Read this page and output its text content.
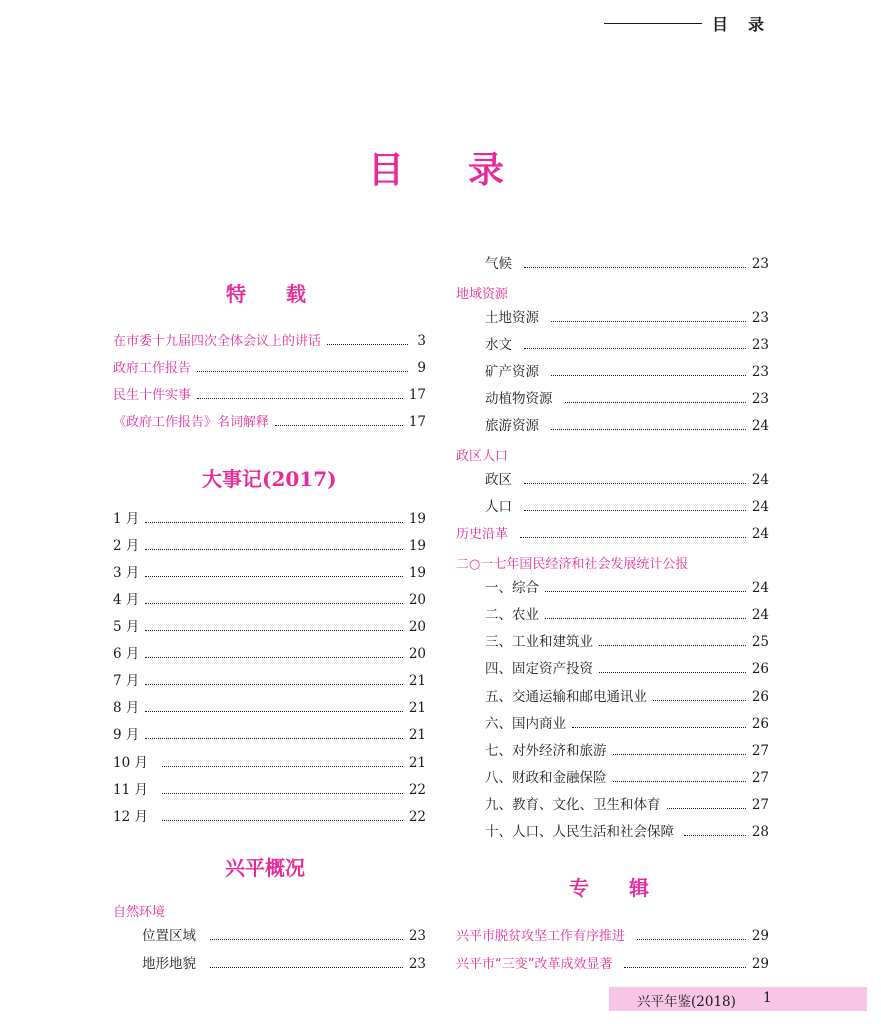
目录
目录
特载
在市委十九届四次全体会议上的讲话	3
政府工作报告	9
民生十件实事	17
《政府工作报告》名词解释	17
大事记(2017)
1 月	19
2 月	19
3 月	19
4 月	20
5 月	20
6 月	20
7 月	21
8 月	21
9 月	21
10 月	21
11 月	22
12 月	22
兴平概况
自然环境
位置区域	23
地形地貌	23
气候	23
地域资源
土地资源	23
水文	23
矿产资源	23
动植物资源	23
旅游资源	24
政区人口
政区	24
人口	24
历史沿革	24
二○一七年国民经济和社会发展统计公报
一、综合	24
二、农业	24
三、工业和建筑业	25
四、固定资产投资	26
五、交通运输和邮电通讯业	26
六、国内商业	26
七、对外经济和旅游	27
八、财政和金融保险	27
九、教育、文化、卫生和体育	27
十、人口、人民生活和社会保障	28
专辑
兴平市脱贫攻坚工作有序推进	29
兴平市“三变”改革成效显著	29
兴平年鉴(2018) 1
